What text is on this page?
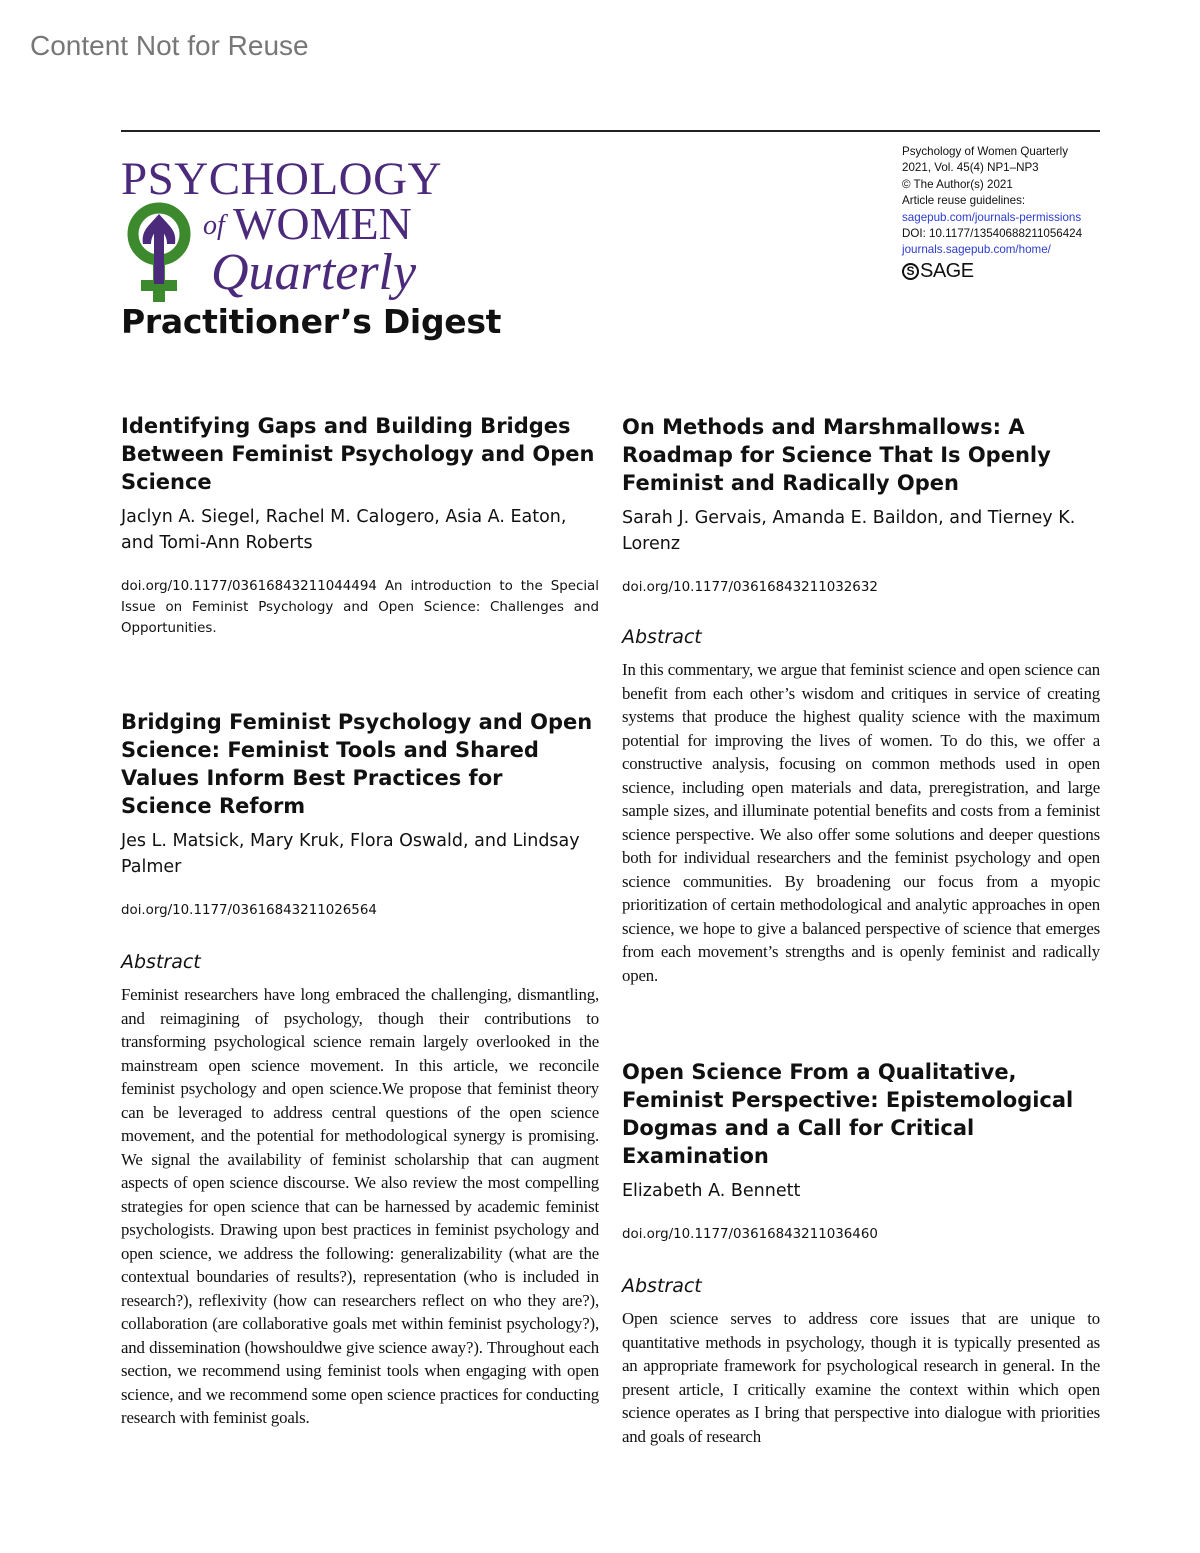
Content Not for Reuse
PSYCHOLOGY
of WOMEN
Quarterly
Practitioner’s Digest
Psychology of Women Quarterly
2021, Vol. 45(4) NP1–NP3
© The Author(s) 2021
Article reuse guidelines:
sagepub.com/journals-permissions
DOI: 10.1177/13540688211056424
journals.sagepub.com/home/
S SAGE
Identifying Gaps and Building Bridges Between Feminist Psychology and Open Science

Jaclyn A. Siegel, Rachel M. Calogero, Asia A. Eaton, and Tomi-Ann Roberts

doi.org/10.1177/03616843211044494 An introduction to the Special Issue on Feminist Psychology and Open Science: Challenges and Opportunities.

Bridging Feminist Psychology and Open Science: Feminist Tools and Shared Values Inform Best Practices for Science Reform

Jes L. Matsick, Mary Kruk, Flora Oswald, and Lindsay Palmer

doi.org/10.1177/03616843211026564

Abstract

Feminist researchers have long embraced the challenging, dismantling, and reimagining of psychology, though their contributions to transforming psychological science remain largely overlooked in the mainstream open science movement. In this article, we reconcile feminist psychology and open science.We propose that feminist theory can be leveraged to address central questions of the open science movement, and the potential for methodological synergy is promising. We signal the availability of feminist scholarship that can augment aspects of open science discourse. We also review the most compelling strategies for open science that can be harnessed by academic feminist psychologists. Drawing upon best practices in feminist psychology and open science, we address the following: generalizability (what are the contextual boundaries of results?), representation (who is included in research?), reflexivity (how can researchers reflect on who they are?), collaboration (are collaborative goals met within feminist psychology?), and dissemination (howshouldwe give science away?). Throughout each section, we recommend using feminist tools when engaging with open science, and we recommend some open science practices for conducting research with feminist goals.

On Methods and Marshmallows: A Roadmap for Science That Is Openly Feminist and Radically Open

Sarah J. Gervais, Amanda E. Baildon, and Tierney K. Lorenz

doi.org/10.1177/03616843211032632

Abstract

In this commentary, we argue that feminist science and open science can benefit from each other’s wisdom and critiques in service of creating systems that produce the highest quality science with the maximum potential for improving the lives of women. To do this, we offer a constructive analysis, focusing on common methods used in open science, including open materials and data, preregistration, and large sample sizes, and illuminate potential benefits and costs from a feminist science perspective. We also offer some solutions and deeper questions both for individual researchers and the feminist psychology and open science communities. By broadening our focus from a myopic prioritization of certain methodological and analytic approaches in open science, we hope to give a balanced perspective of science that emerges from each movement’s strengths and is openly feminist and radically open.

Open Science From a Qualitative, Feminist Perspective: Epistemological Dogmas and a Call for Critical Examination

Elizabeth A. Bennett

doi.org/10.1177/03616843211036460

Abstract

Open science serves to address core issues that are unique to quantitative methods in psychology, though it is typically presented as an appropriate framework for psychological research in general. In the present article, I critically examine the context within which open science operates as I bring that perspective into dialogue with priorities and goals of research
